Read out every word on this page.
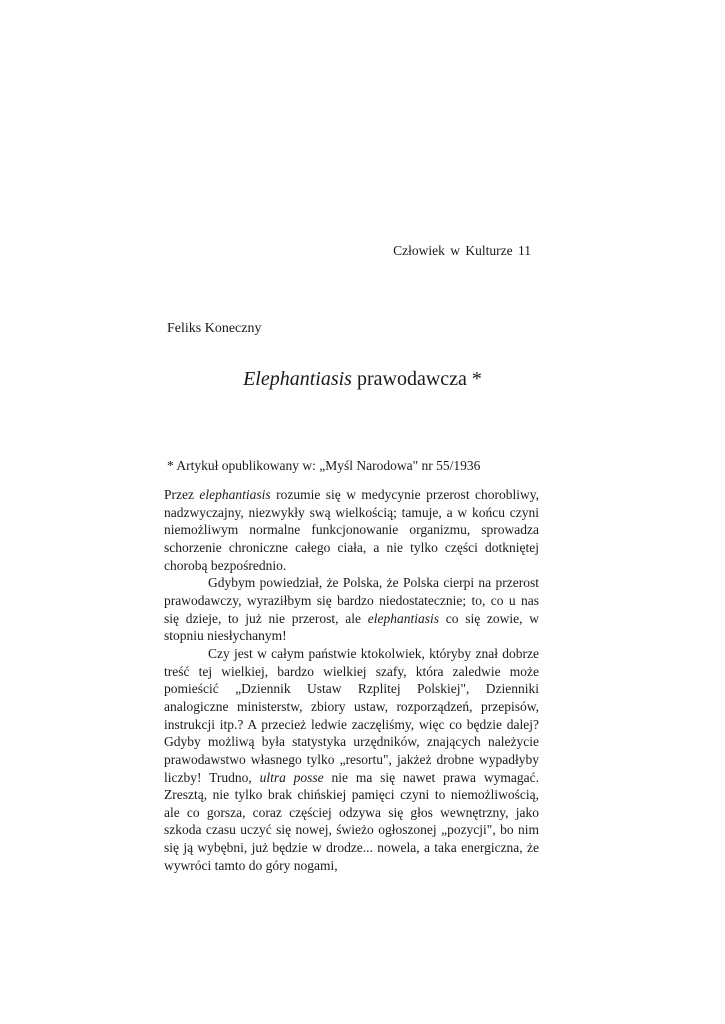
Człowiek w Kulturze 11
Feliks Koneczny
Elephantiasis prawodawcza *
* Artykuł opublikowany w: „Myśl Narodowa" nr 55/1936

Przez elephantiasis rozumie się w medycynie przerost chorobliwy, nadzwyczajny, niezwykły swą wielkością; tamuje, a w końcu czyni niemożliwym normalne funkcjonowanie organizmu, sprowadza schorzenie chroniczne całego ciała, a nie tylko części dotkniętej chorobą bezpośrednio.

Gdybym powiedział, że Polska, że Polska cierpi na przerost prawodawczy, wyraziłbym się bardzo niedostatecznie; to, co u nas się dzieje, to już nie przerost, ale elephantiasis co się zowie, w stopniu niesłychanym!

Czy jest w całym państwie ktokolwiek, któryby znał dobrze treść tej wielkiej, bardzo wielkiej szafy, która zaledwie może pomieścić „Dziennik Ustaw Rzplitej Polskiej", Dzienniki analogiczne ministerstw, zbiory ustaw, rozporządzeń, przepisów, instrukcji itp.? A przecież ledwie zaczęliśmy, więc co będzie dalej? Gdyby możliwą była statystyka urzędników, znających należycie prawodawstwo własnego tylko „resortu", jakżeż drobne wypadłyby liczby! Trudno, ultra posse nie ma się nawet prawa wymagać. Zresztą, nie tylko brak chińskiej pamięci czyni to niemożliwością, ale co gorsza, coraz częściej odzywa się głos wewnętrzny, jako szkoda czasu uczyć się nowej, świeżo ogłoszonej „pozycji", bo nim się ją wybębni, już będzie w drodze... nowela, a taka energiczna, że wywróci tamto do góry nogami,
